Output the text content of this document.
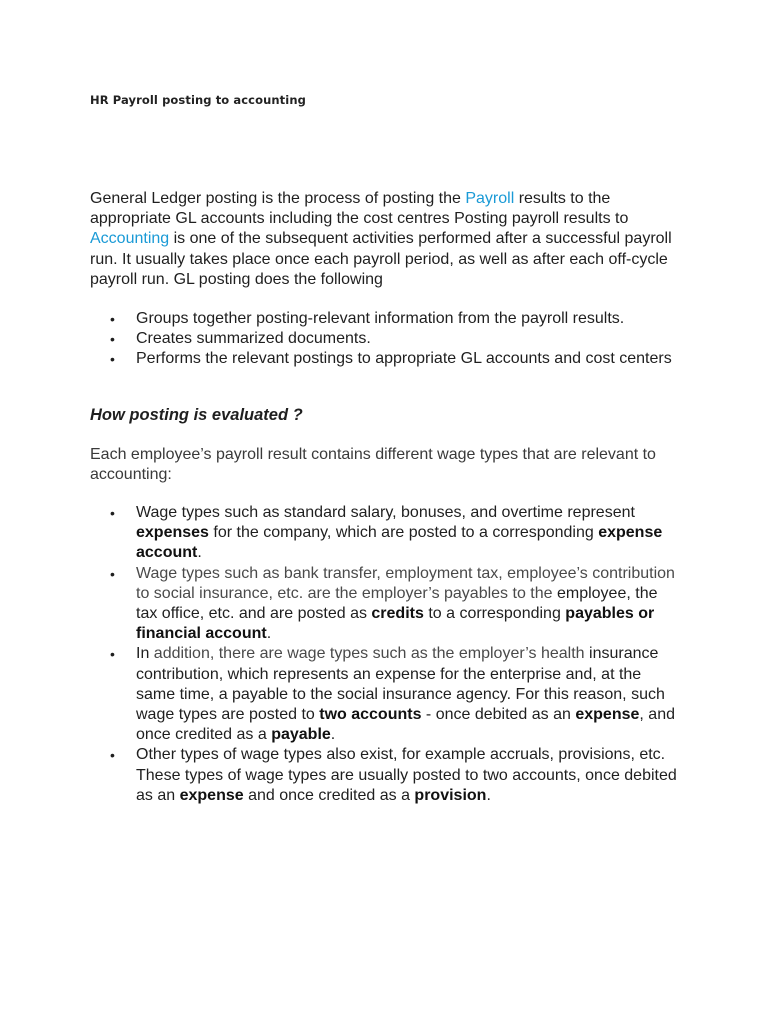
HR Payroll posting to accounting

General Ledger posting is the process of posting the Payroll results to the appropriate GL accounts including the cost centres Posting payroll results to Accounting is one of the subsequent activities performed after a successful payroll run. It usually takes place once each payroll period, as well as after each off-cycle payroll run. GL posting does the following

• Groups together posting-relevant information from the payroll results.
• Creates summarized documents.
• Performs the relevant postings to appropriate GL accounts and cost centers
How posting is evaluated ?

Each employee’s payroll result contains different wage types that are relevant to accounting:

• Wage types such as standard salary, bonuses, and overtime represent expenses for the company, which are posted to a corresponding expense account.
• Wage types such as bank transfer, employment tax, employee’s contribution to social insurance, etc. are the employer’s payables to the employee, the tax office, etc. and are posted as credits to a corresponding payables or financial account.
• In addition, there are wage types such as the employer’s health insurance contribution, which represents an expense for the enterprise and, at the same time, a payable to the social insurance agency. For this reason, such wage types are posted to two accounts - once debited as an expense, and once credited as a payable.
• Other types of wage types also exist, for example accruals, provisions, etc. These types of wage types are usually posted to two accounts, once debited as an expense and once credited as a provision.
